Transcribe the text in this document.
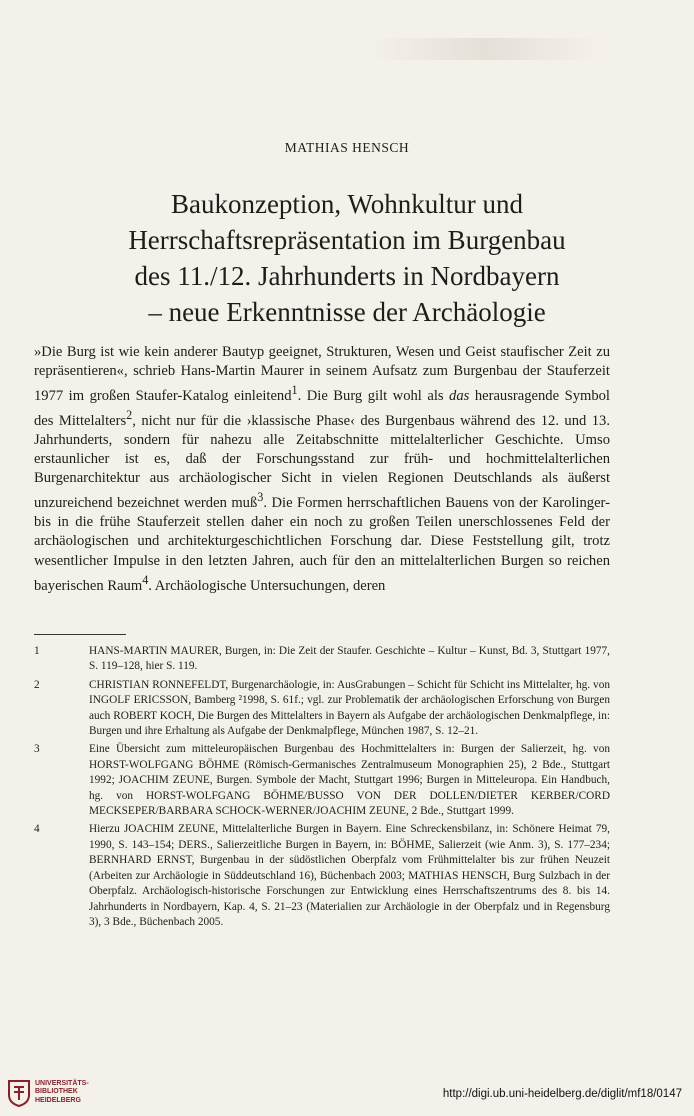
MATHIAS HENSCH
Baukonzeption, Wohnkultur und
Herrschaftsrepräsentation im Burgenbau
des 11./12. Jahrhunderts in Nordbayern
– neue Erkenntnisse der Archäologie

»Die Burg ist wie kein anderer Bautyp geeignet, Strukturen, Wesen und Geist staufischer Zeit zu repräsentieren«, schrieb Hans-Martin Maurer in seinem Aufsatz zum Burgenbau der Stauferzeit 1977 im großen Staufer-Katalog einleitend$^1$. Die Burg gilt wohl als das herausragende Symbol des Mittelalters$^2$, nicht nur für die ›klassische Phase‹ des Burgenbaus während des 12. und 13. Jahrhunderts, sondern für nahezu alle Zeitabschnitte mittelalterlicher Geschichte. Umso erstaunlicher ist es, daß der Forschungsstand zur früh- und hochmittelalterlichen Burgenarchitektur aus archäologischer Sicht in vielen Regionen Deutschlands als äußerst unzureichend bezeichnet werden muß$^3$. Die Formen herrschaftlichen Bauens von der Karolinger- bis in die frühe Stauferzeit stellen daher ein noch zu großen Teilen unerschlossenes Feld der archäologischen und architekturgeschichtlichen Forschung dar. Diese Feststellung gilt, trotz wesentlicher Impulse in den letzten Jahren, auch für den an mittelalterlichen Burgen so reichen bayerischen Raum$^4$. Archäologische Untersuchungen, deren

1	HANS-MARTIN MAURER, Burgen, in: Die Zeit der Staufer. Geschichte – Kultur – Kunst, Bd. 3, Stuttgart 1977, S. 119–128, hier S. 119.

2	CHRISTIAN RONNEFELDT, Burgenarchäologie, in: AusGrabungen – Schicht für Schicht ins Mittelalter, hg. von INGOLF ERICSSON, Bamberg ²1998, S. 61f.; vgl. zur Problematik der archäologischen Erforschung von Burgen auch ROBERT KOCH, Die Burgen des Mittelalters in Bayern als Aufgabe der archäologischen Denkmalpflege, in: Burgen und ihre Erhaltung als Aufgabe der Denkmalpflege, München 1987, S. 12–21.

3	Eine Übersicht zum mitteleuropäischen Burgenbau des Hochmittelalters in: Burgen der Salierzeit, hg. von HORST-WOLFGANG BÖHME (Römisch-Germanisches Zentralmuseum Monographien 25), 2 Bde., Stuttgart 1992; JOACHIM ZEUNE, Burgen. Symbole der Macht, Stuttgart 1996; Burgen in Mitteleuropa. Ein Handbuch, hg. von HORST-WOLFGANG BÖHME/BUSSO VON DER DOLLEN/DIETER KERBER/CORD MECKSEPER/BARBARA SCHOCK-WERNER/JOACHIM ZEUNE, 2 Bde., Stuttgart 1999.

4	Hierzu JOACHIM ZEUNE, Mittelalterliche Burgen in Bayern. Eine Schreckensbilanz, in: Schönere Heimat 79, 1990, S. 143–154; DERS., Salierzeitliche Burgen in Bayern, in: BÖHME, Salierzeit (wie Anm. 3), S. 177–234; BERNHARD ERNST, Burgenbau in der südöstlichen Oberpfalz vom Frühmittelalter bis zur frühen Neuzeit (Arbeiten zur Archäologie in Süddeutschland 16), Büchenbach 2003; MATHIAS HENSCH, Burg Sulzbach in der Oberpfalz. Archäologisch-historische Forschungen zur Entwicklung eines Herrschaftszentrums des 8. bis 14. Jahrhunderts in Nordbayern, Kap. 4, S. 21–23 (Materialien zur Archäologie in der Oberpfalz und in Regensburg 3), 3 Bde., Büchenbach 2005.

UNIVERSITÄTS-
BIBLIOTHEK
HEIDELBERG
http://digi.ub.uni-heidelberg.de/diglit/mf18/0147
